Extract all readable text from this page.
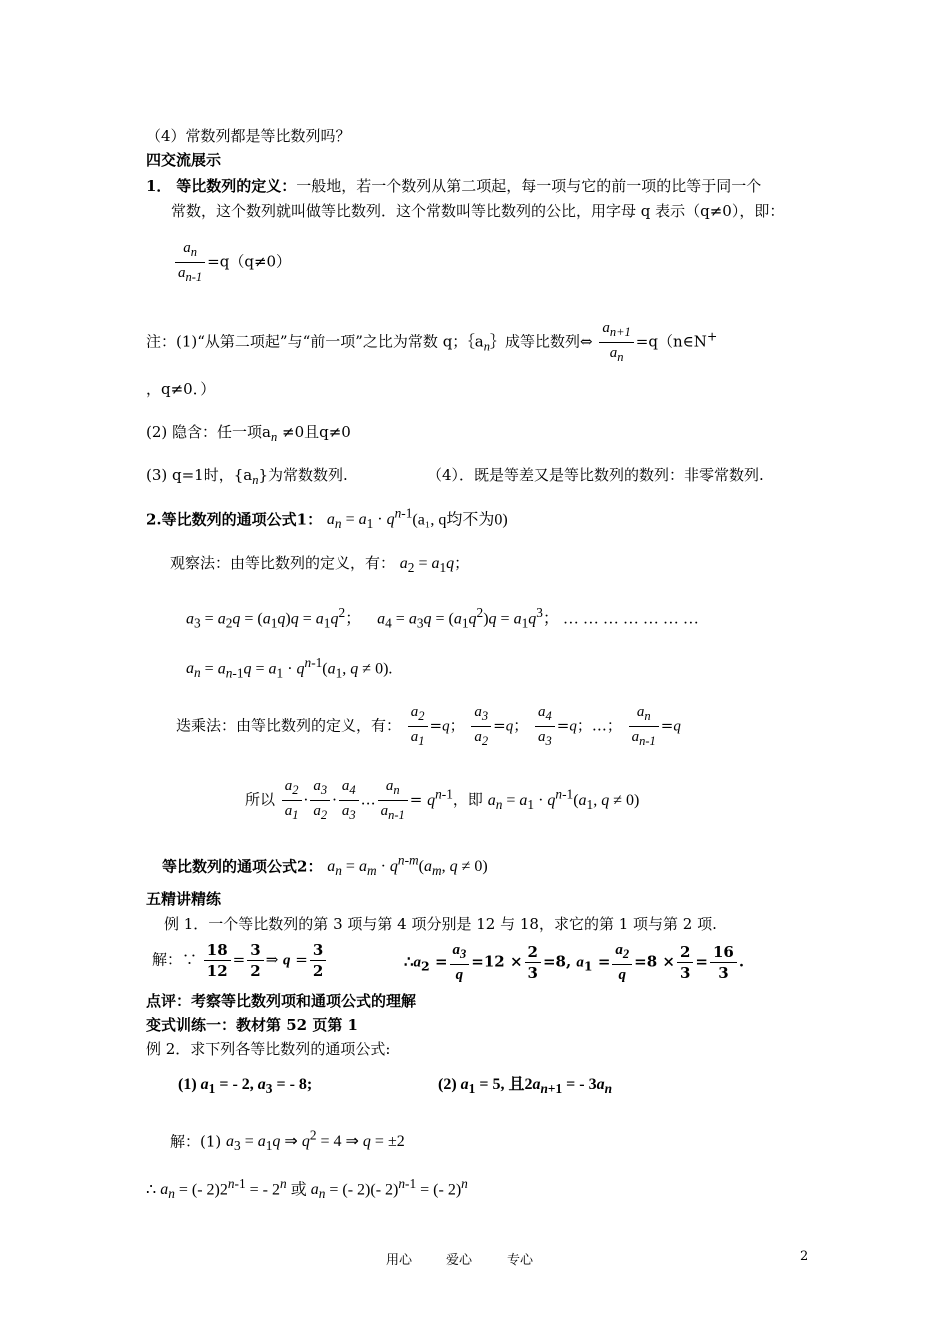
（4）常数列都是等比数列吗？
四交流展示
1． 等比数列的定义：一般地，若一个数列从第二项起，每一项与它的前一项的比等于同一个
常数，这个数列就叫做等比数列．这个常数叫等比数列的公比，用字母 q 表示（q≠0），即：
$\frac{a_n}{a_{n-1}} =q(q\ne 0)$
注：(1)“从第二项起”与“前一项”之比为常数 q；$\{a_n\}$成等比数列⇔ $\frac{a_{n+1}}{a_n}$ =q（n∈N+
，q≠0．）
(2) 隐含：任一项$a_n \ne 0$且q≠0
(3) q=1时，$\{a_n\}$为常数数列.	（4）．既是等差又是等比数列的数列：非零常数列.
2.等比数列的通项公式1： $a_n = a_1 \cdot q^{n-1}(a_1$, q均不为0)
观察法：由等比数列的定义，有： $a_2 = a_1q$；
$a_3 = a_2q = (a_1q)q = a_1q^2$； $a_4 = a_3q = (a_1q^2)q = a_1q^3$； … … … … … … …
$a_n = a_{n-1}q = a_1 \cdot q^{n-1}(a_1$, q ≠ 0).
迭乘法：由等比数列的定义，有： $\frac{a_2}{a_1} =q$； $\frac{a_3}{a_2} =q$； $\frac{a_4}{a_3} =q$；…； $\frac{a_n}{a_{n-1}} =q$
所以 $\frac{a_2}{a_1} \cdot \frac{a_3}{a_2} \cdot \frac{a_4}{a_3}$ … $\frac{a_n}{a_{n-1}} = q^{n-1}$，即 $a_n = a_1 \cdot q^{n-1}(a_1$, q ≠ 0)
等比数列的通项公式2： $a_n = a_m \cdot q^{n-m}(a_m$, q ≠ 0)
五精讲精练
例 1．一个等比数列的第 3 项与第 4 项分别是 12 与 18，求它的第 1 项与第 2 项.
解：∵ $\frac{18}{12} = \frac{3}{2}$ ⇒ $q = \frac{3}{2}$	$\therefore a_2 = \frac{a_3}{q} =12 \times \frac{2}{3} =8$, $a_1 = \frac{a_2}{q} =8 \times \frac{2}{3} = \frac{16}{3}$ .
点评：考察等比数列项和通项公式的理解
变式训练一：教材第 52 页第 1
例 2．求下列各等比数列的通项公式:
(1) $a_1$ = - 2, $a_3$ = - 8;	(2) $a_1 = 5$, 且$2a_{n+1}$ = - $3a_n$
解：(1) $a_3 = a_1q$ ⇒ $q^2 = 4$ ⇒ q = ±2
∴ $a_n$ = (- $2)2^{n-1}$ = - 2$^n$ 或 $a_n$ = (- 2)(- 2)$^{n-1}$ = (- 2)$^n$
用心	爱心	专心	2
